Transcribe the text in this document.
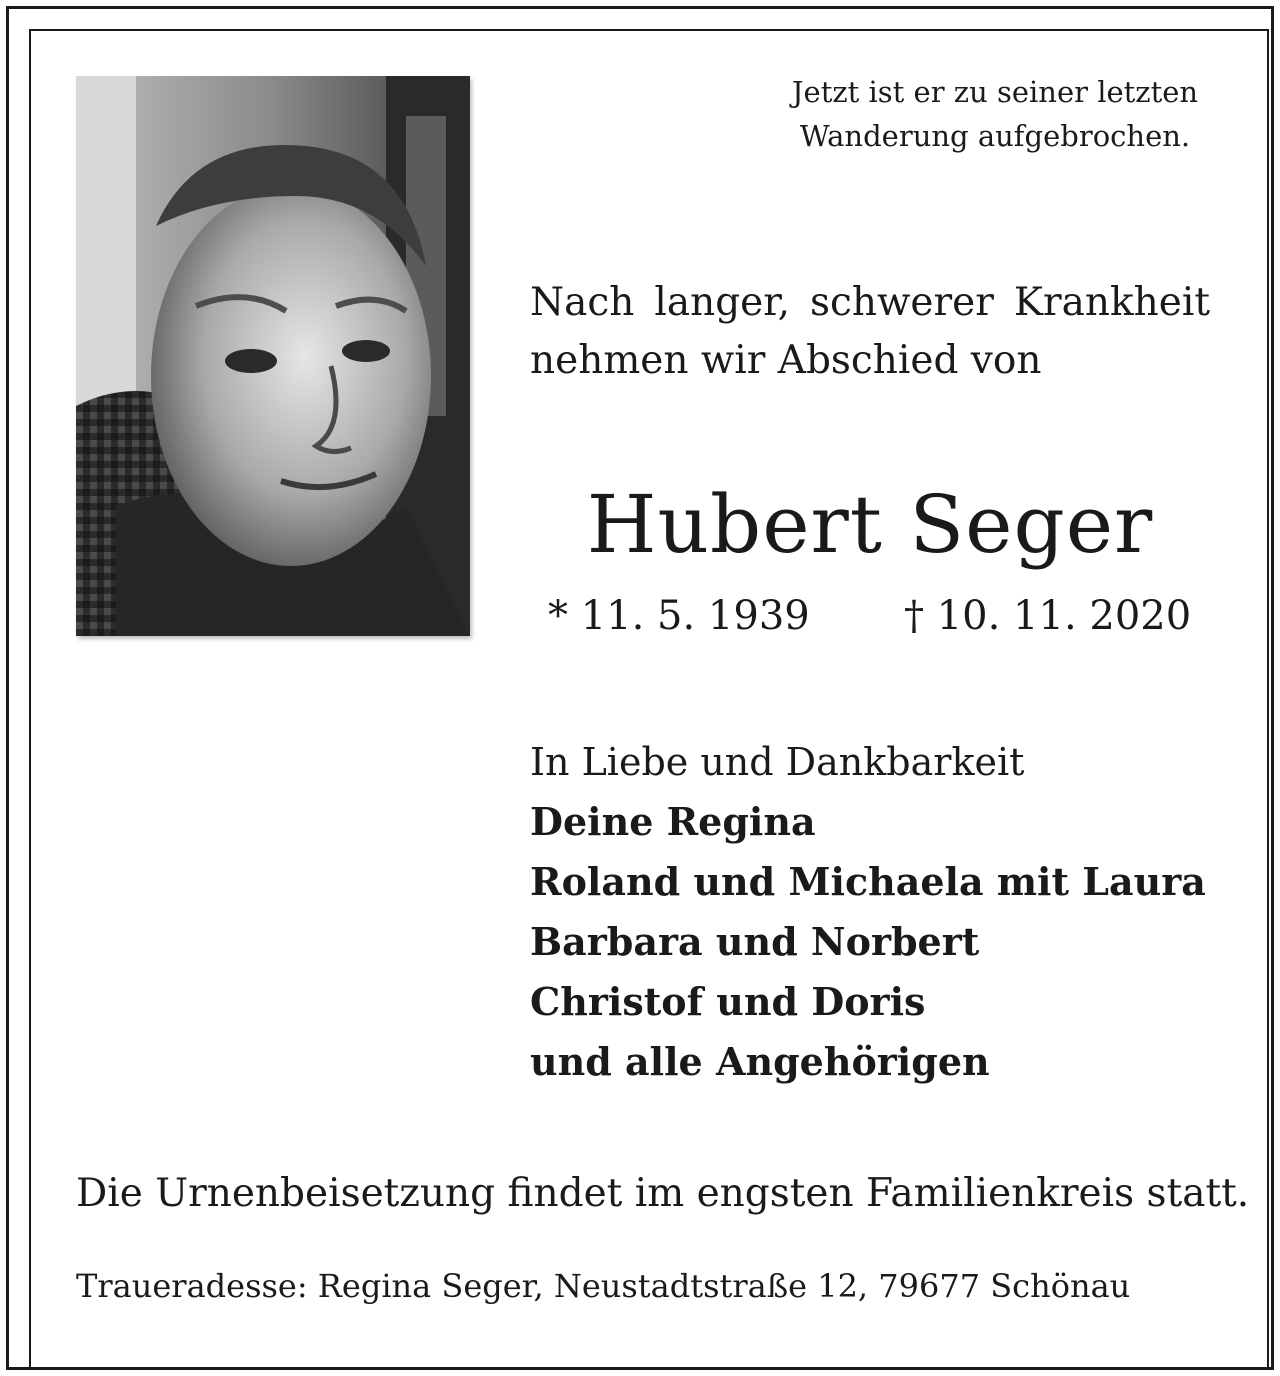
Jetzt ist er zu seiner letzten
Wanderung aufgebrochen.
Nach langer, schwerer Krankheit
nehmen wir Abschied von
Hubert Seger
* 11. 5. 1939 † 10. 11. 2020
In Liebe und Dankbarkeit
Deine Regina
Roland und Michaela mit Laura
Barbara und Norbert
Christof und Doris
und alle Angehörigen
Die Urnenbeisetzung findet im engsten Familienkreis statt.
Traueradesse: Regina Seger, Neustadtstraße 12, 79677 Schönau
